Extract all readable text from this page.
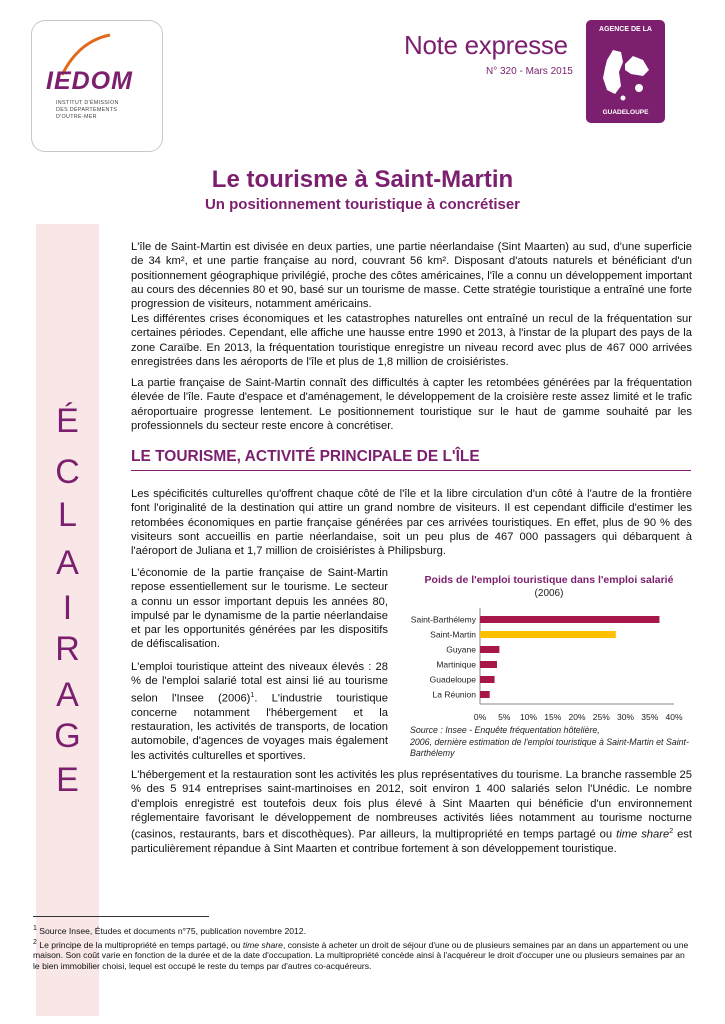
IEDOM
INSTITUT D'ÉMISSION
DES DÉPARTEMENTS
D'OUTRE-MER
Note expresse
N° 320 - Mars 2015
AGENCE DE LA
GUADELOUPE
Le tourisme à Saint-Martin
Un positionnement touristique à concrétiser
É
C
L
A
I
R
A
G
E

L'île de Saint-Martin est divisée en deux parties, une partie néerlandaise (Sint Maarten) au sud, d'une superficie de 34 km², et une partie française au nord, couvrant 56 km². Disposant d'atouts naturels et bénéficiant d'un positionnement géographique privilégié, proche des côtes américaines, l'île a connu un développement important au cours des décennies 80 et 90, basé sur un tourisme de masse. Cette stratégie touristique a entraîné une forte progression de visiteurs, notamment américains.

Les différentes crises économiques et les catastrophes naturelles ont entraîné un recul de la fréquentation sur certaines périodes. Cependant, elle affiche une hausse entre 1990 et 2013, à l'instar de la plupart des pays de la zone Caraïbe. En 2013, la fréquentation touristique enregistre un niveau record avec plus de 467 000 arrivées enregistrées dans les aéroports de l'île et plus de 1,8 million de croisiéristes.

La partie française de Saint-Martin connaît des difficultés à capter les retombées générées par la fréquentation élevée de l'île. Faute d'espace et d'aménagement, le développement de la croisière reste assez limité et le trafic aéroportuaire progresse lentement. Le positionnement touristique sur le haut de gamme souhaité par les professionnels du secteur reste encore à concrétiser.

LE TOURISME, ACTIVITÉ PRINCIPALE DE L'ÎLE

Les spécificités culturelles qu'offrent chaque côté de l'île et la libre circulation d'un côté à l'autre de la frontière font l'originalité de la destination qui attire un grand nombre de visiteurs. Il est cependant difficile d'estimer les retombées économiques en partie française générées par ces arrivées touristiques. En effet, plus de 90 % des visiteurs sont accueillis en partie néerlandaise, soit un peu plus de 467 000 passagers qui débarquent à l'aéroport de Juliana et 1,7 million de croisiéristes à Philipsburg.

L'économie de la partie française de Saint-Martin repose essentiellement sur le tourisme. Le secteur a connu un essor important depuis les années 80, impulsé par le dynamisme de la partie néerlandaise et par les opportunités générées par les dispositifs de défiscalisation.

L'emploi touristique atteint des niveaux élevés : 28 % de l'emploi salarié total est ainsi lié au tourisme selon l'Insee $(2006)^1$. L'industrie touristique concerne notamment l'hébergement et la restauration, les activités de transports, de location automobile, d'agences de voyages mais également les activités culturelles et sportives.

Poids de l'emploi touristique dans l'emploi salarié
(2006)
Saint-Barthélemy
Saint-Martin
Guyane
Martinique
Guadeloupe
La Réunion
0% 5% 10% 15% 20% 25% 30% 35% 40%
Source : Insee - Enquête fréquentation hôtelière,
2006, dernière estimation de l'emploi touristique à Saint-Martin et Saint-Barthélemy

L'hébergement et la restauration sont les activités les plus représentatives du tourisme. La branche rassemble 25 % des 5 914 entreprises saint-martinoises en 2012, soit environ 1 400 salariés selon l'Unédic. Le nombre d'emplois enregistré est toutefois deux fois plus élevé à Sint Maarten qui bénéficie d'un environnement réglementaire favorisant le développement de nombreuses activités liées notamment au tourisme nocturne (casinos, restaurants, bars et discothèques). Par ailleurs, la multipropriété en temps partagé ou time share$^2$ est particulièrement répandue à Sint Maarten et contribue fortement à son développement touristique.

$^1$ Source Insee, Études et documents n°75, publication novembre 2012.
$^2$ Le principe de la multipropriété en temps partagé, ou time share, consiste à acheter un droit de séjour d'une ou de plusieurs semaines par an dans un appartement ou une maison. Son coût varie en fonction de la durée et de la date d'occupation. La multipropriété concède ainsi à l'acquéreur le droit d'occuper une ou plusieurs semaines par an le bien immobilier choisi, lequel est occupé le reste du temps par d'autres co-acquéreurs.
